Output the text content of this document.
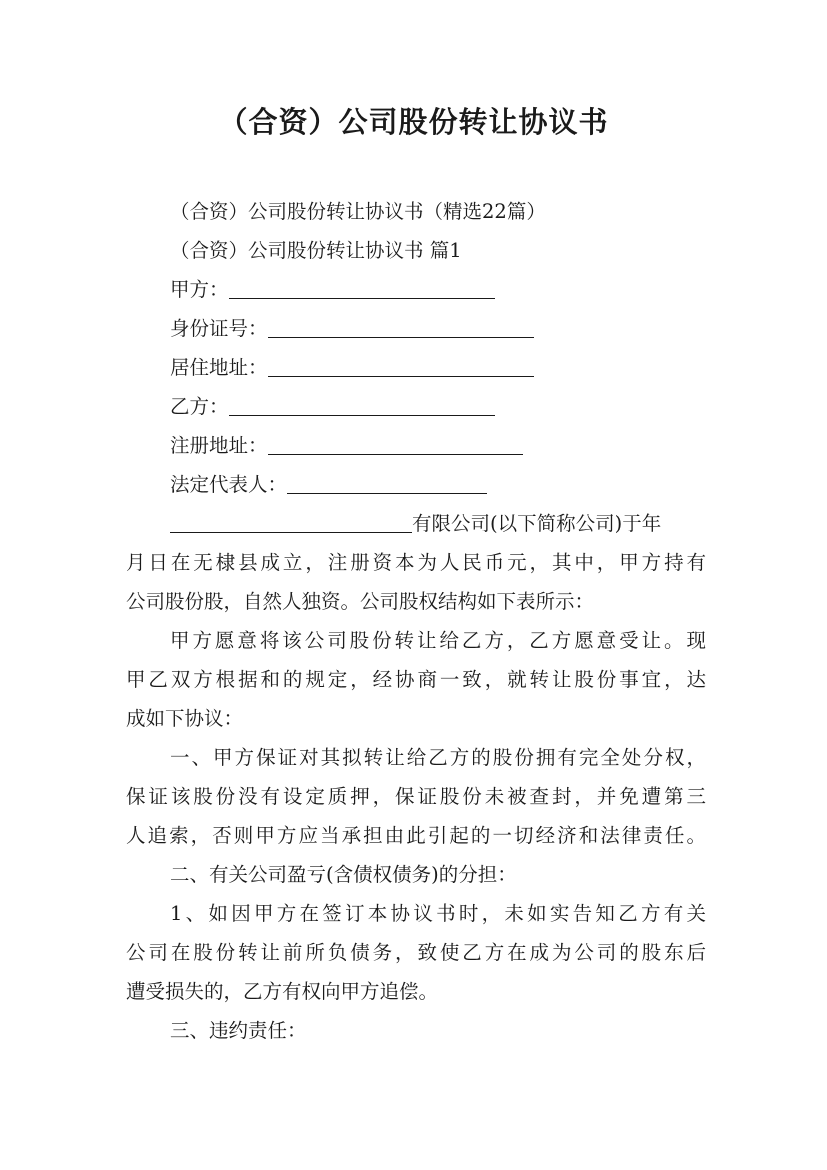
（合资）公司股份转让协议书
（合资）公司股份转让协议书（精选22篇）
（合资）公司股份转让协议书 篇1
甲方：
身份证号：
居住地址：
乙方：
注册地址：
法定代表人：
有限公司(以下简称公司)于年
月日在无棣县成立，注册资本为人民币元，其中，甲方持有
公司股份股，自然人独资。公司股权结构如下表所示：
甲方愿意将该公司股份转让给乙方，乙方愿意受让。现
甲乙双方根据和的规定，经协商一致，就转让股份事宜，达
成如下协议：
一、甲方保证对其拟转让给乙方的股份拥有完全处分权，
保证该股份没有设定质押，保证股份未被查封，并免遭第三
人追索，否则甲方应当承担由此引起的一切经济和法律责任。
二、有关公司盈亏(含债权债务)的分担：
1、如因甲方在签订本协议书时，未如实告知乙方有关
公司在股份转让前所负债务，致使乙方在成为公司的股东后
遭受损失的，乙方有权向甲方追偿。
三、违约责任：
